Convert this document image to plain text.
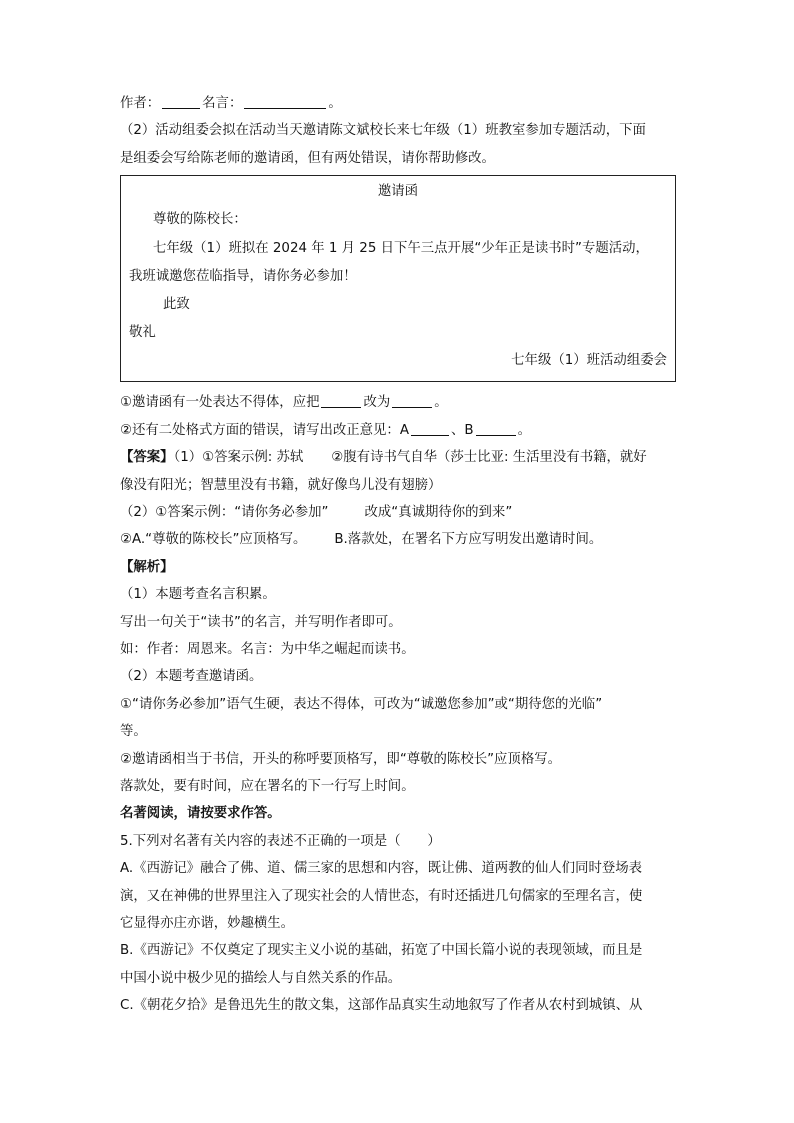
作者：	名言：	。
（2）活动组委会拟在活动当天邀请陈文斌校长来七年级（1）班教室参加专题活动，下面
是组委会写给陈老师的邀请函，但有两处错误，请你帮助修改。
邀请函
尊敬的陈校长：
七年级（1）班拟在 2024 年 1 月 25 日下午三点开展“少年正是读书时”专题活动，
我班诚邀您莅临指导，请你务必参加！
此致
敬礼
七年级（1）班活动组委会
①邀请函有一处表达不得体，应把	改为	。
②还有二处格式方面的错误，请写出改正意见：A	、B	。
【答案】（1）①答案示例: 苏轼 ②腹有诗书气自华（莎士比亚: 生活里没有书籍，就好
像没有阳光；智慧里没有书籍，就好像鸟儿没有翅膀）
（2）①答案示例：“请你务必参加”	改成“真诚期待你的到来”
②A.“尊敬的陈校长”应顶格写。 B.落款处，在署名下方应写明发出邀请时间。
【解析】
（1）本题考查名言积累。
写出一句关于“读书”的名言，并写明作者即可。
如：作者：周恩来。名言：为中华之崛起而读书。
（2）本题考查邀请函。
①“请你务必参加”语气生硬，表达不得体，可改为“诚邀您参加”或“期待您的光临”
等。
②邀请函相当于书信，开头的称呼要顶格写，即“尊敬的陈校长”应顶格写。
落款处，要有时间，应在署名的下一行写上时间。
名著阅读，请按要求作答。
5.下列对名著有关内容的表述不正确的一项是（　　）
A.《西游记》融合了佛、道、儒三家的思想和内容，既让佛、道两教的仙人们同时登场表
演，又在神佛的世界里注入了现实社会的人情世态，有时还插进几句儒家的至理名言，使
它显得亦庄亦谐，妙趣横生。
B.《西游记》不仅奠定了现实主义小说的基础，拓宽了中国长篇小说的表现领域，而且是
中国小说中极少见的描绘人与自然关系的作品。
C.《朝花夕拾》是鲁迅先生的散文集，这部作品真实生动地叙写了作者从农村到城镇、从
